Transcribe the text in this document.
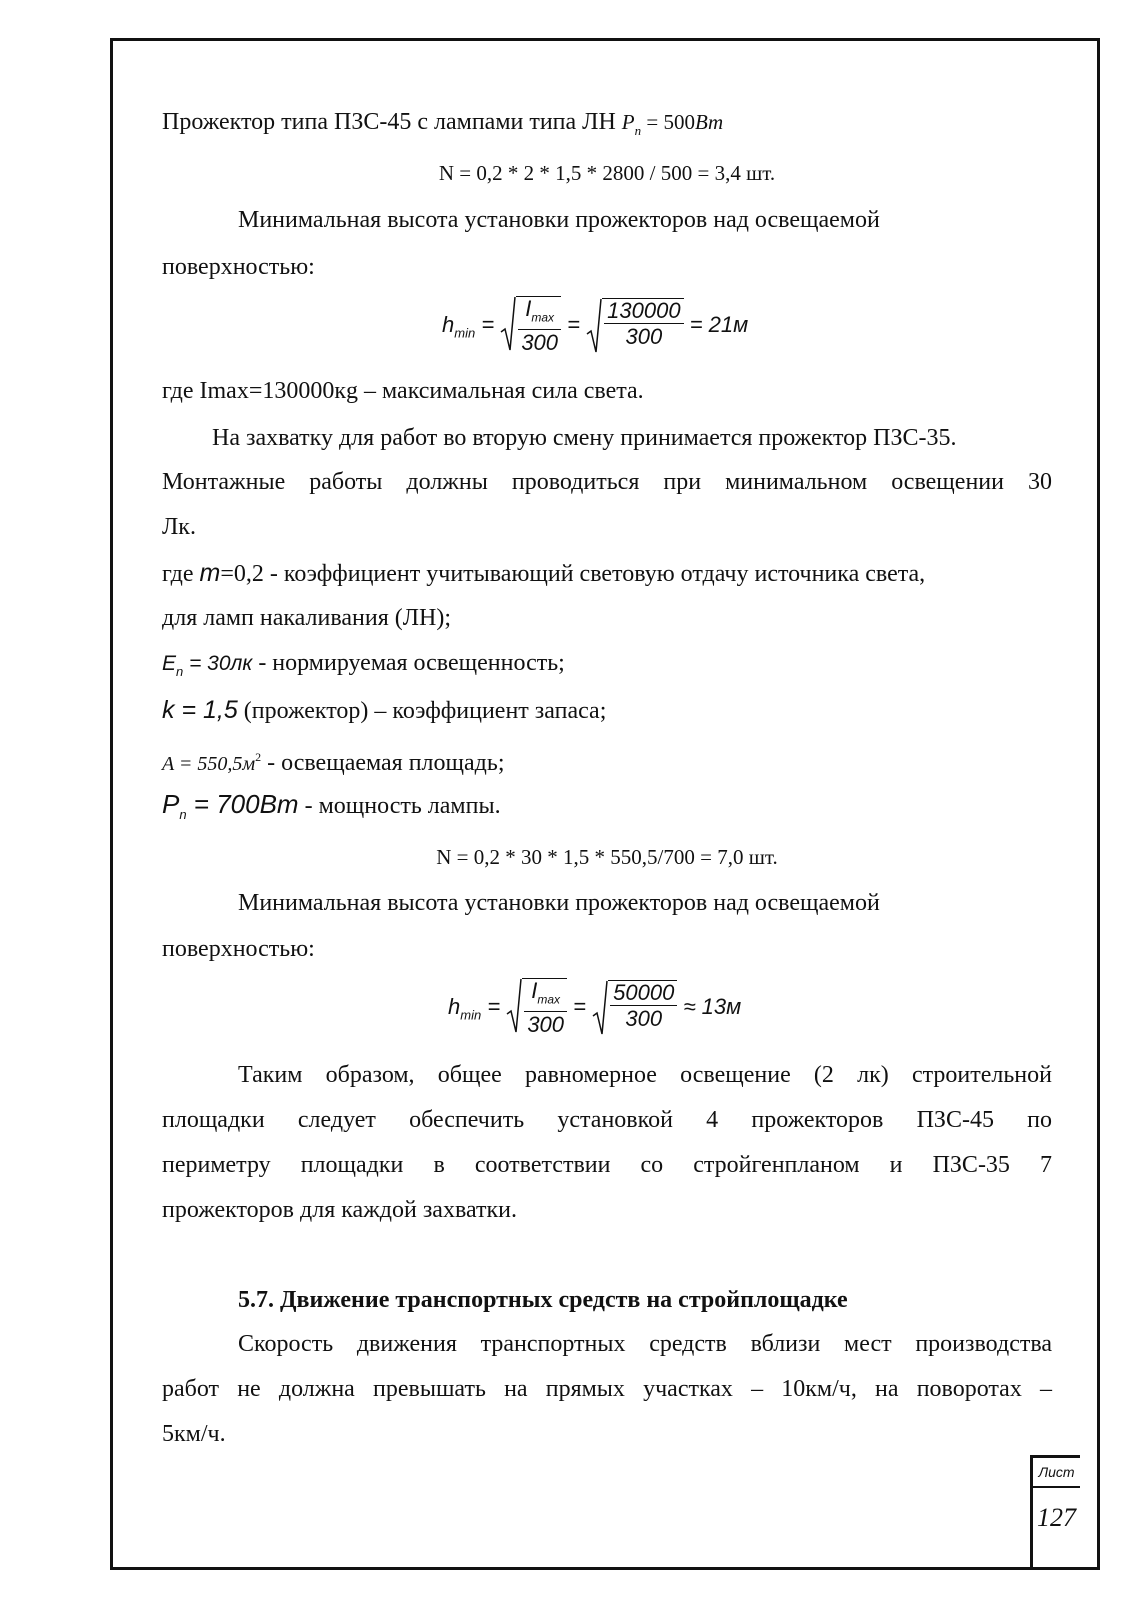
Прожектор типа ПЗС-45 с лампами типа ЛН $P_п = 500Вт$
N = 0,2 * 2 * 1,5 * 2800 / 500 = 3,4 шт.
Минимальная высота установки прожекторов над освещаемой
поверхностью:
$h_{min} = \frac{I_{max}}{300} = \frac{130000}{300} = 21м$
где Imax=130000кg – максимальная сила света.
На захватку для работ во вторую смену принимается прожектор ПЗС-35.
Монтажные работы должны проводиться при минимальном освещении 30
Лк.
где m=0,2 - коэффициент учитывающий световую отдачу источника света,
для ламп накаливания (ЛН);
$E_n = 30лк$ - нормируемая освещенность;
k = 1,5 (прожектор) – коэффициент запаса;
$A = 550,5м^2$ - освещаемая площадь;
$P_n = 700Вт$ - мощность лампы.
N = 0,2 * 30 * 1,5 * 550,5/700 = 7,0 шт.
Минимальная высота установки прожекторов над освещаемой
поверхностью:
$h_{min} = \frac{I_{max}}{300} = \frac{50000}{300} \approx 13м$
Таким образом, общее равномерное освещение (2 лк) строительной
площадки следует обеспечить установкой 4 прожекторов ПЗС-45 по
периметру площадки в соответствии со стройгенпланом и ПЗС-35 7
прожекторов для каждой захватки.
5.7. Движение транспортных средств на стройплощадке
Скорость движения транспортных средств вблизи мест производства
работ не должна превышать на прямых участках – 10км/ч, на поворотах –
5км/ч.
Лист
127
